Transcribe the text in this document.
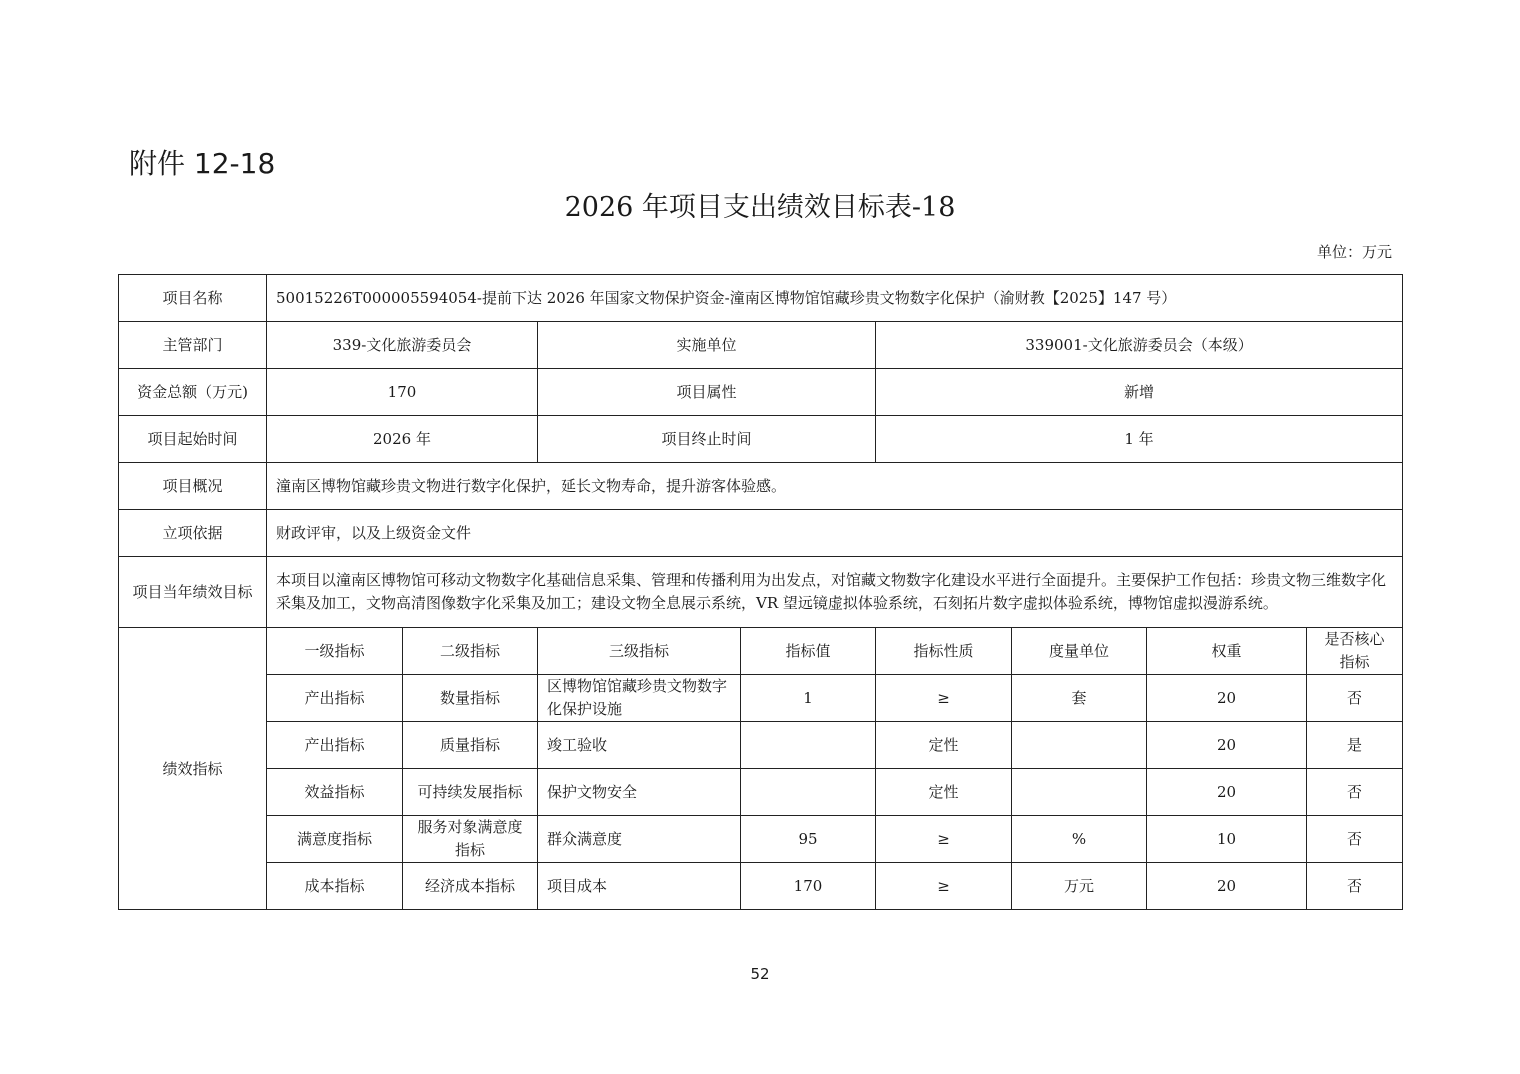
附件 12-18
2026 年项目支出绩效目标表-18
单位：万元
项目名称	50015226T000005594054-提前下达 2026 年国家文物保护资金-潼南区博物馆馆藏珍贵文物数字化保护（渝财教【2025】147 号）							
主管部门	339-文化旅游委员会		实施单位		339001-文化旅游委员会（本级）			
资金总额（万元)	170		项目属性		新增			
项目起始时间	2026 年		项目终止时间		1 年			
项目概况	潼南区博物馆藏珍贵文物进行数字化保护，延长文物寿命，提升游客体验感。							
立项依据	财政评审，以及上级资金文件							
项目当年绩效目标	本项目以潼南区博物馆可移动文物数字化基础信息采集、管理和传播利用为出发点，对馆藏文物数字化建设水平进行全面提升。主要保护工作包括：珍贵文物三维数字化采集及加工，文物高清图像数字化采集及加工；建设文物全息展示系统，VR 望远镜虚拟体验系统，石刻拓片数字虚拟体验系统，博物馆虚拟漫游系统。							
绩效指标	一级指标	二级指标	三级指标	指标值	指标性质	度量单位	权重	是否核心指标
	产出指标	数量指标	区博物馆馆藏珍贵文物数字化保护设施	1	≥	套	20	否
	产出指标	质量指标	竣工验收		定性		20	是
	效益指标	可持续发展指标	保护文物安全		定性		20	否
	满意度指标	服务对象满意度指标	群众满意度	95	≥	%	10	否
	成本指标	经济成本指标	项目成本	170	≥	万元	20	否
52
